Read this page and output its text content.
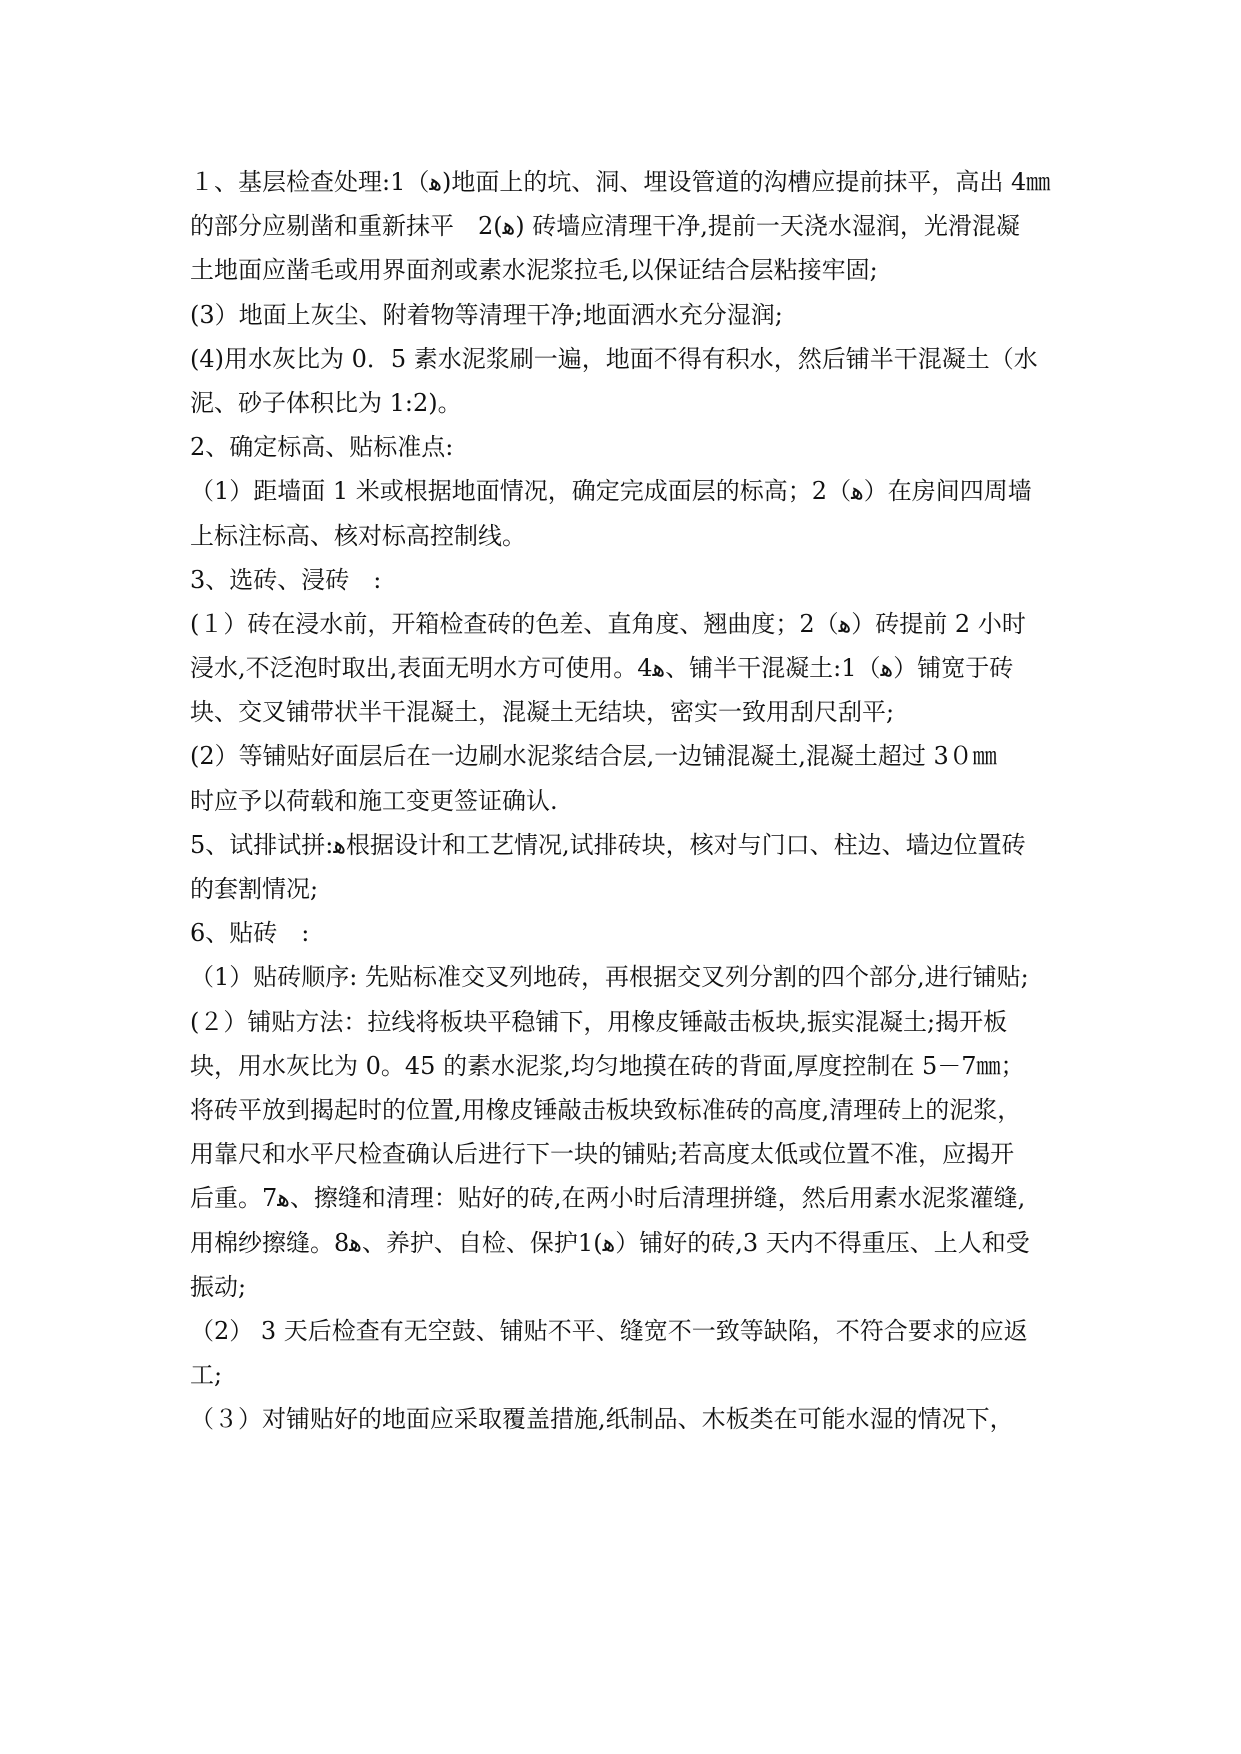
１、基层检查处理:1（ﻫ)地面上的坑、洞、埋设管道的沟槽应提前抹平，高出 4㎜
的部分应剔凿和重新抹平　2(ﻫ) 砖墙应清理干净,提前一天浇水湿润，光滑混凝
土地面应凿毛或用界面剂或素水泥浆拉毛,以保证结合层粘接牢固;
(3）地面上灰尘、附着物等清理干净;地面洒水充分湿润;
(4)用水灰比为 0．5 素水泥浆刷一遍，地面不得有积水，然后铺半干混凝土（水
泥、砂子体积比为 1:2)。
2、确定标高、贴标准点:
（1）距墙面 1 米或根据地面情况，确定完成面层的标高；2（ﻫ）在房间四周墙
上标注标高、核对标高控制线。
3、选砖、浸砖　:
(１）砖在浸水前，开箱检查砖的色差、直角度、翘曲度；2（ﻫ）砖提前 2 小时
浸水,不泛泡时取出,表面无明水方可使用。4ﻫ、铺半干混凝土:1（ﻫ）铺宽于砖
块、交叉铺带状半干混凝土，混凝土无结块，密实一致用刮尺刮平;
(2）等铺贴好面层后在一边刷水泥浆结合层,一边铺混凝土,混凝土超过 3０㎜
时应予以荷载和施工变更签证确认.
5、试排试拼:ﻫ根据设计和工艺情况,试排砖块，核对与门口、柱边、墙边位置砖
的套割情况;
6、贴砖　:
（1）贴砖顺序: 先贴标准交叉列地砖，再根据交叉列分割的四个部分,进行铺贴;
(２）铺贴方法：拉线将板块平稳铺下，用橡皮锤敲击板块,振实混凝土;揭开板
块，用水灰比为 0。45 的素水泥浆,均匀地摸在砖的背面,厚度控制在 5－7㎜；
将砖平放到揭起时的位置,用橡皮锤敲击板块致标准砖的高度,清理砖上的泥浆，
用靠尺和水平尺检查确认后进行下一块的铺贴;若高度太低或位置不准，应揭开
后重。7ﻫ、擦缝和清理：贴好的砖,在两小时后清理拼缝，然后用素水泥浆灌缝,
用棉纱擦缝。8ﻫ、养护、自检、保护1(ﻫ）铺好的砖,3 天内不得重压、上人和受
振动;
（2） 3 天后检查有无空鼓、铺贴不平、缝宽不一致等缺陷，不符合要求的应返
工;
（３）对铺贴好的地面应采取覆盖措施,纸制品、木板类在可能水湿的情况下，
